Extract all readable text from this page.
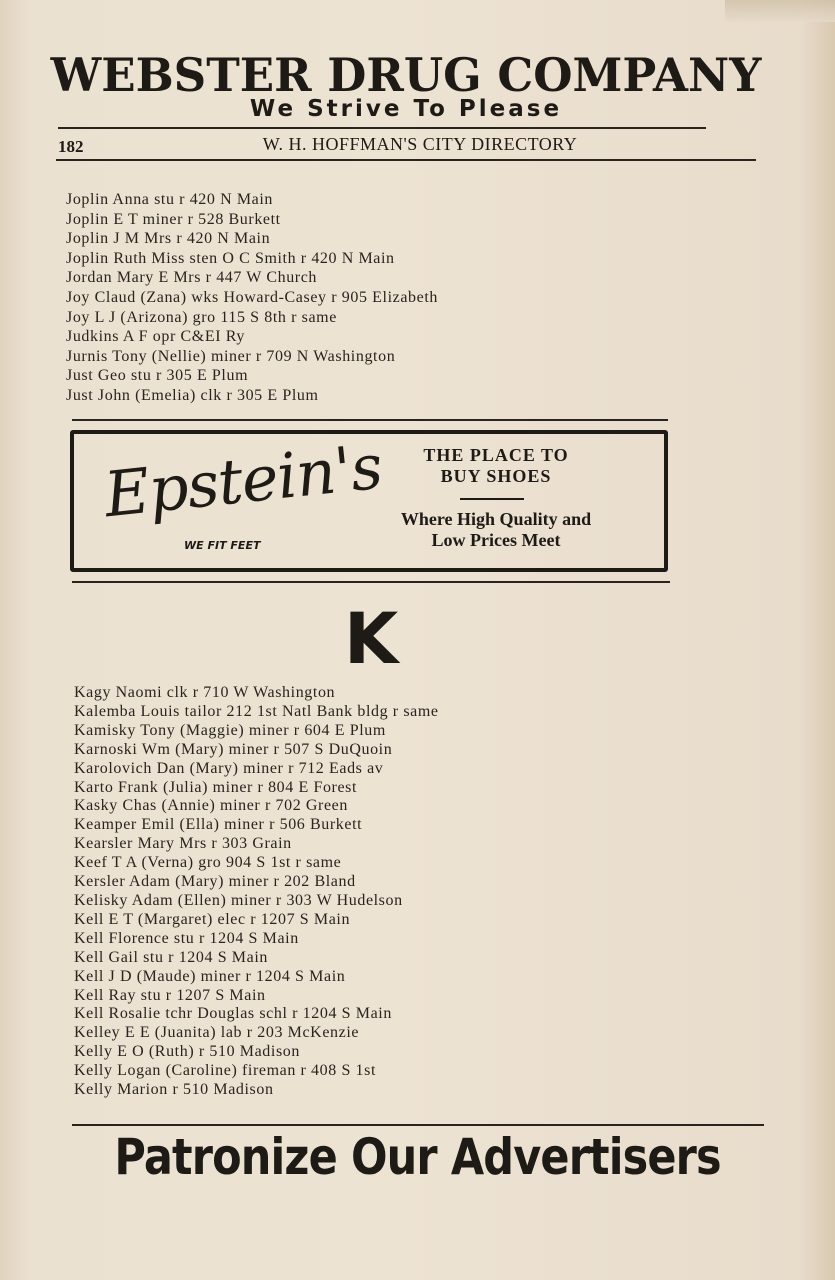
WEBSTER DRUG COMPANY
We Strive To Please
182	W. H. HOFFMAN'S CITY DIRECTORY
Joplin Anna stu r 420 N Main
Joplin E T miner r 528 Burkett
Joplin J M Mrs r 420 N Main
Joplin Ruth Miss sten O C Smith r 420 N Main
Jordan Mary E Mrs r 447 W Church
Joy Claud (Zana) wks Howard-Casey r 905 Elizabeth
Joy L J (Arizona) gro 115 S 8th r same
Judkins A F opr C&EI Ry
Jurnis Tony (Nellie) miner r 709 N Washington
Just Geo stu r 305 E Plum
Just John (Emelia) clk r 305 E Plum
Epstein's
WE FIT FEET
THE PLACE TO
BUY SHOES
Where High Quality and
Low Prices Meet
K
Kagy Naomi clk r 710 W Washington
Kalemba Louis tailor 212 1st Natl Bank bldg r same
Kamisky Tony (Maggie) miner r 604 E Plum
Karnoski Wm (Mary) miner r 507 S DuQuoin
Karolovich Dan (Mary) miner r 712 Eads av
Karto Frank (Julia) miner r 804 E Forest
Kasky Chas (Annie) miner r 702 Green
Keamper Emil (Ella) miner r 506 Burkett
Kearsler Mary Mrs r 303 Grain
Keef T A (Verna) gro 904 S 1st r same
Kersler Adam (Mary) miner r 202 Bland
Kelisky Adam (Ellen) miner r 303 W Hudelson
Kell E T (Margaret) elec r 1207 S Main
Kell Florence stu r 1204 S Main
Kell Gail stu r 1204 S Main
Kell J D (Maude) miner r 1204 S Main
Kell Ray stu r 1207 S Main
Kell Rosalie tchr Douglas schl r 1204 S Main
Kelley E E (Juanita) lab r 203 McKenzie
Kelly E O (Ruth) r 510 Madison
Kelly Logan (Caroline) fireman r 408 S 1st
Kelly Marion r 510 Madison
Patronize Our Advertisers
